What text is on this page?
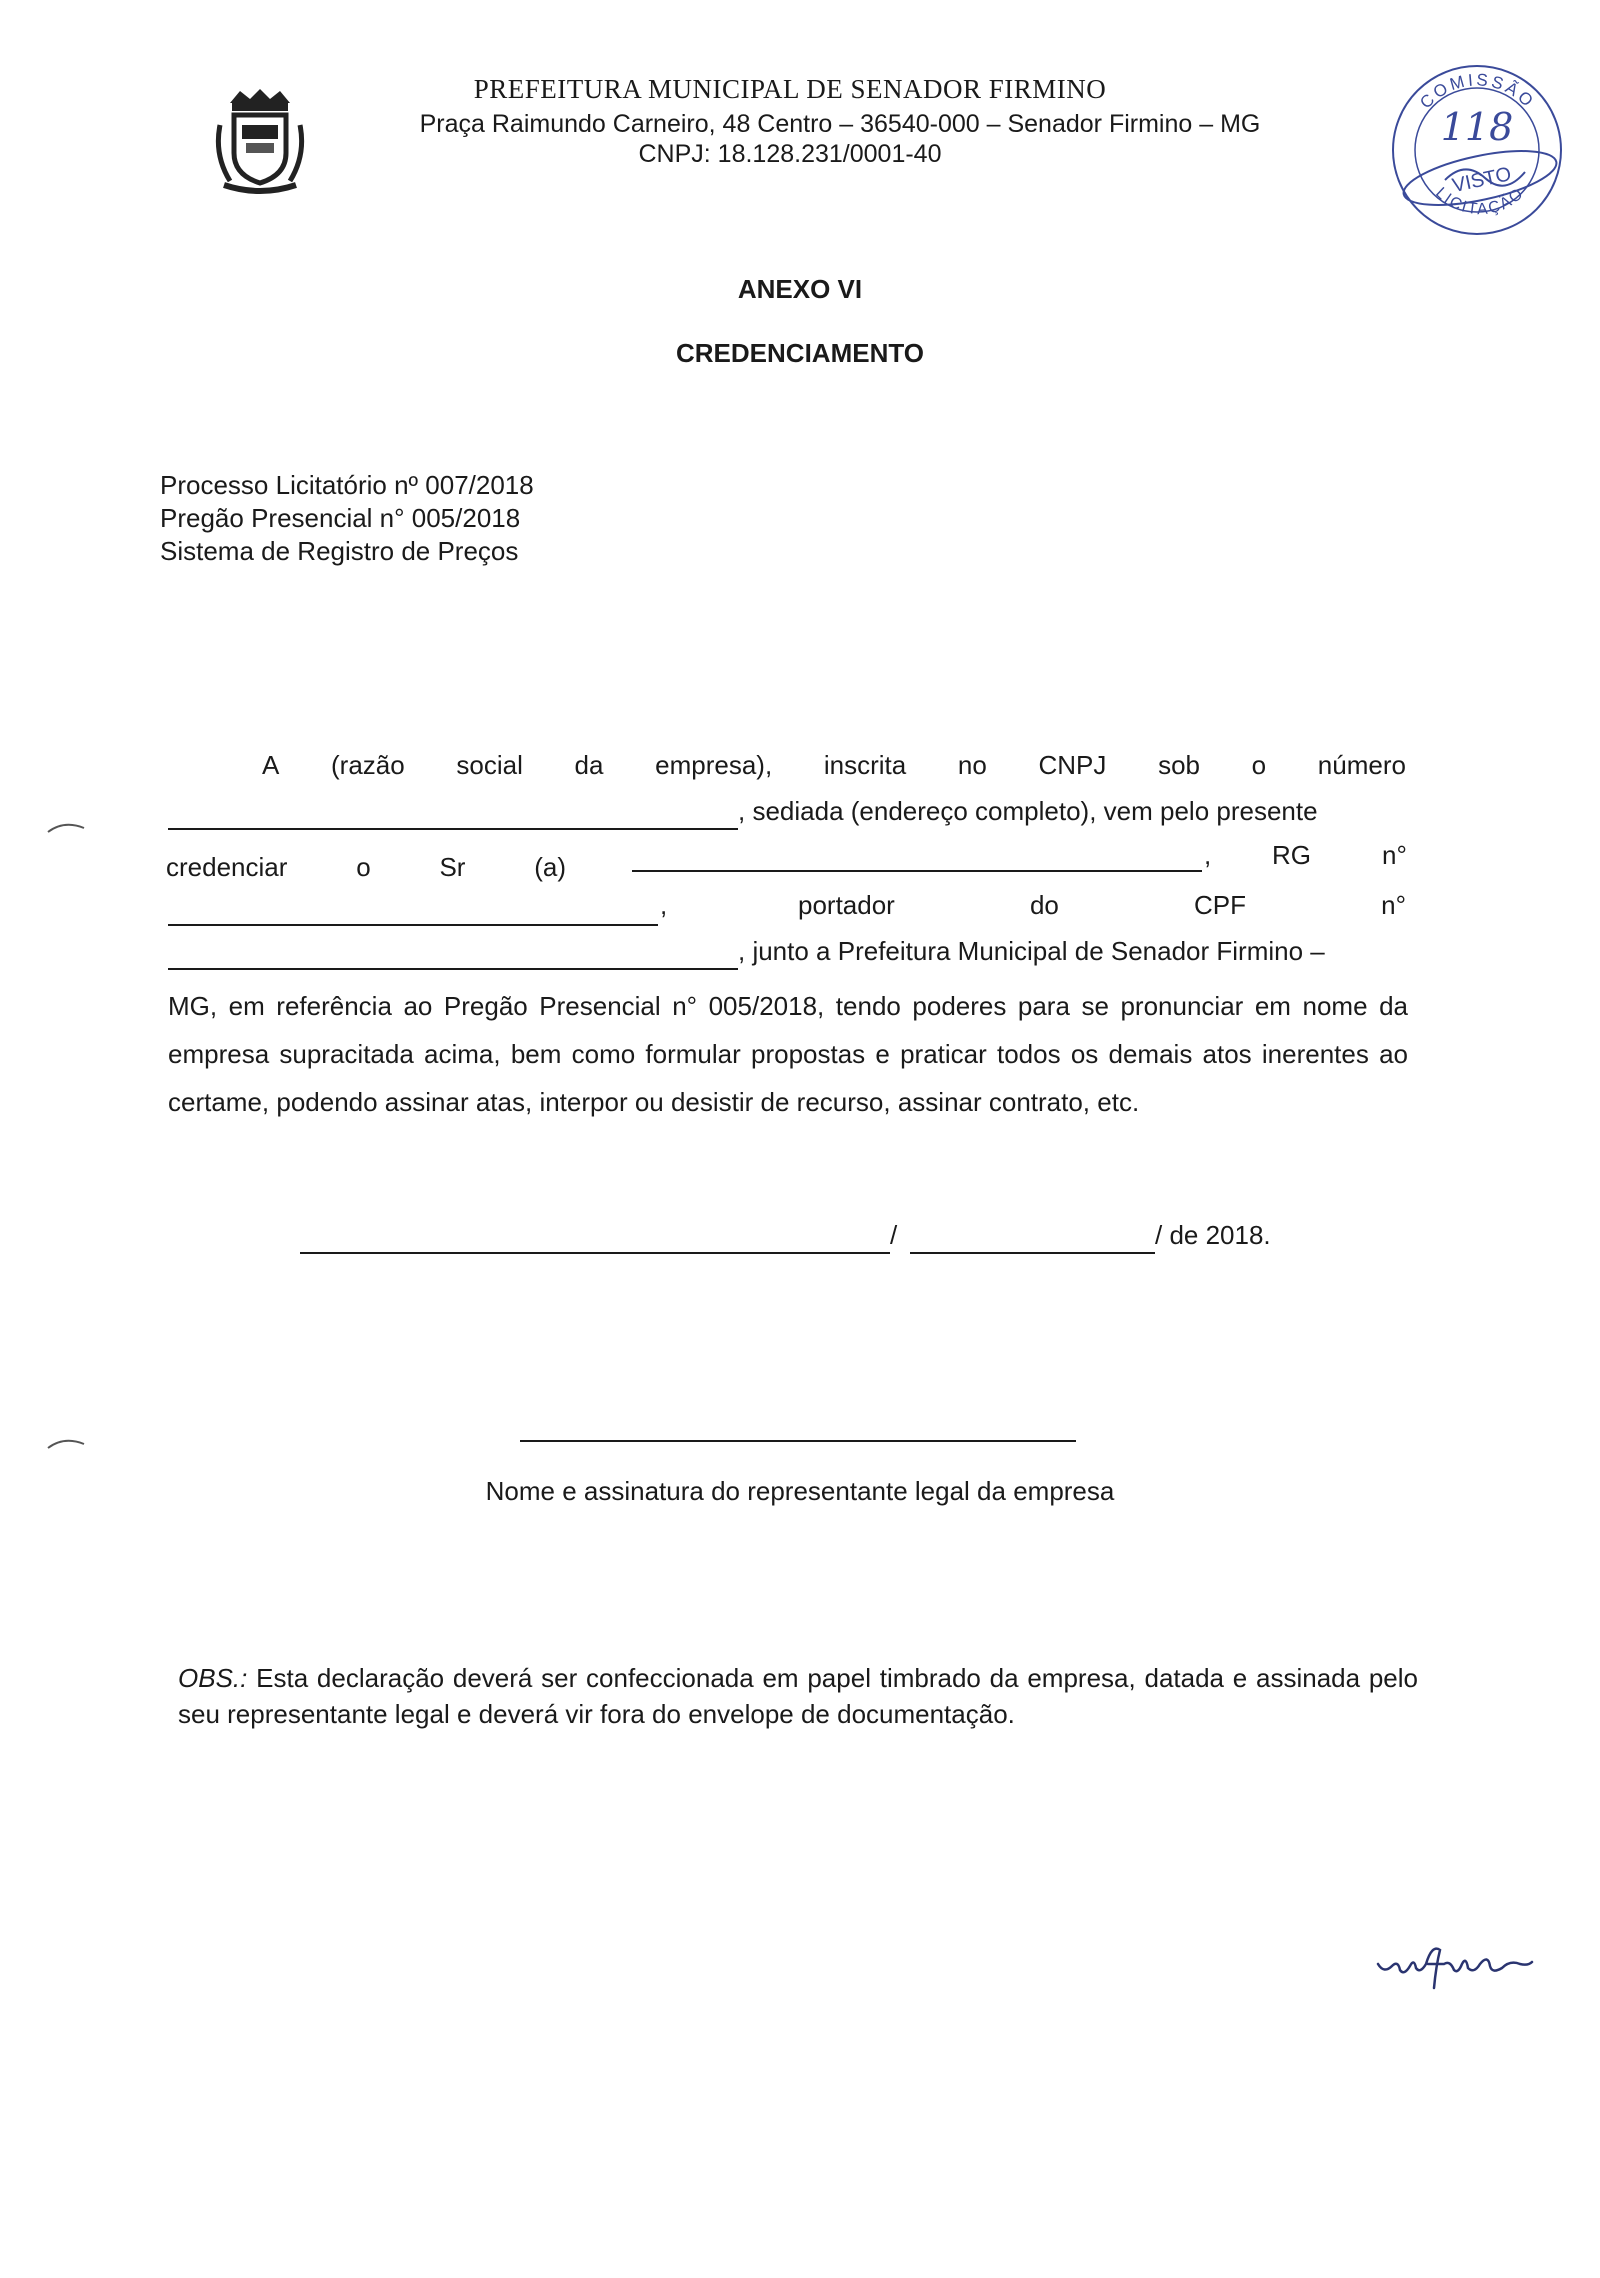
PREFEITURA MUNICIPAL DE SENADOR FIRMINO
Praça Raimundo Carneiro, 48 Centro – 36540-000 – Senador Firmino – MG
CNPJ: 18.128.231/0001-40
COMISSÃO
118
VISTO
LICITAÇÃO
ANEXO VI
CREDENCIAMENTO
Processo Licitatório nº 007/2018
Pregão Presencial n° 005/2018
Sistema de Registro de Preços
A (razão social da empresa), inscrita no CNPJ sob o número
, sediada (endereço completo), vem pelo presente
credenciar	o	Sr	(a)	, RG	n°
,	portador	do	CPF	n°
, junto a Prefeitura Municipal de Senador Firmino –
MG, em referência ao Pregão Presencial n° 005/2018, tendo poderes para se pronunciar em nome da empresa supracitada acima, bem como formular propostas e praticar todos os demais atos inerentes ao certame, podendo assinar atas, interpor ou desistir de recurso, assinar contrato, etc.
/	/ de 2018.
Nome e assinatura do representante legal da empresa
OBS.: Esta declaração deverá ser confeccionada em papel timbrado da empresa, datada e assinada pelo seu representante legal e deverá vir fora do envelope de documentação.
